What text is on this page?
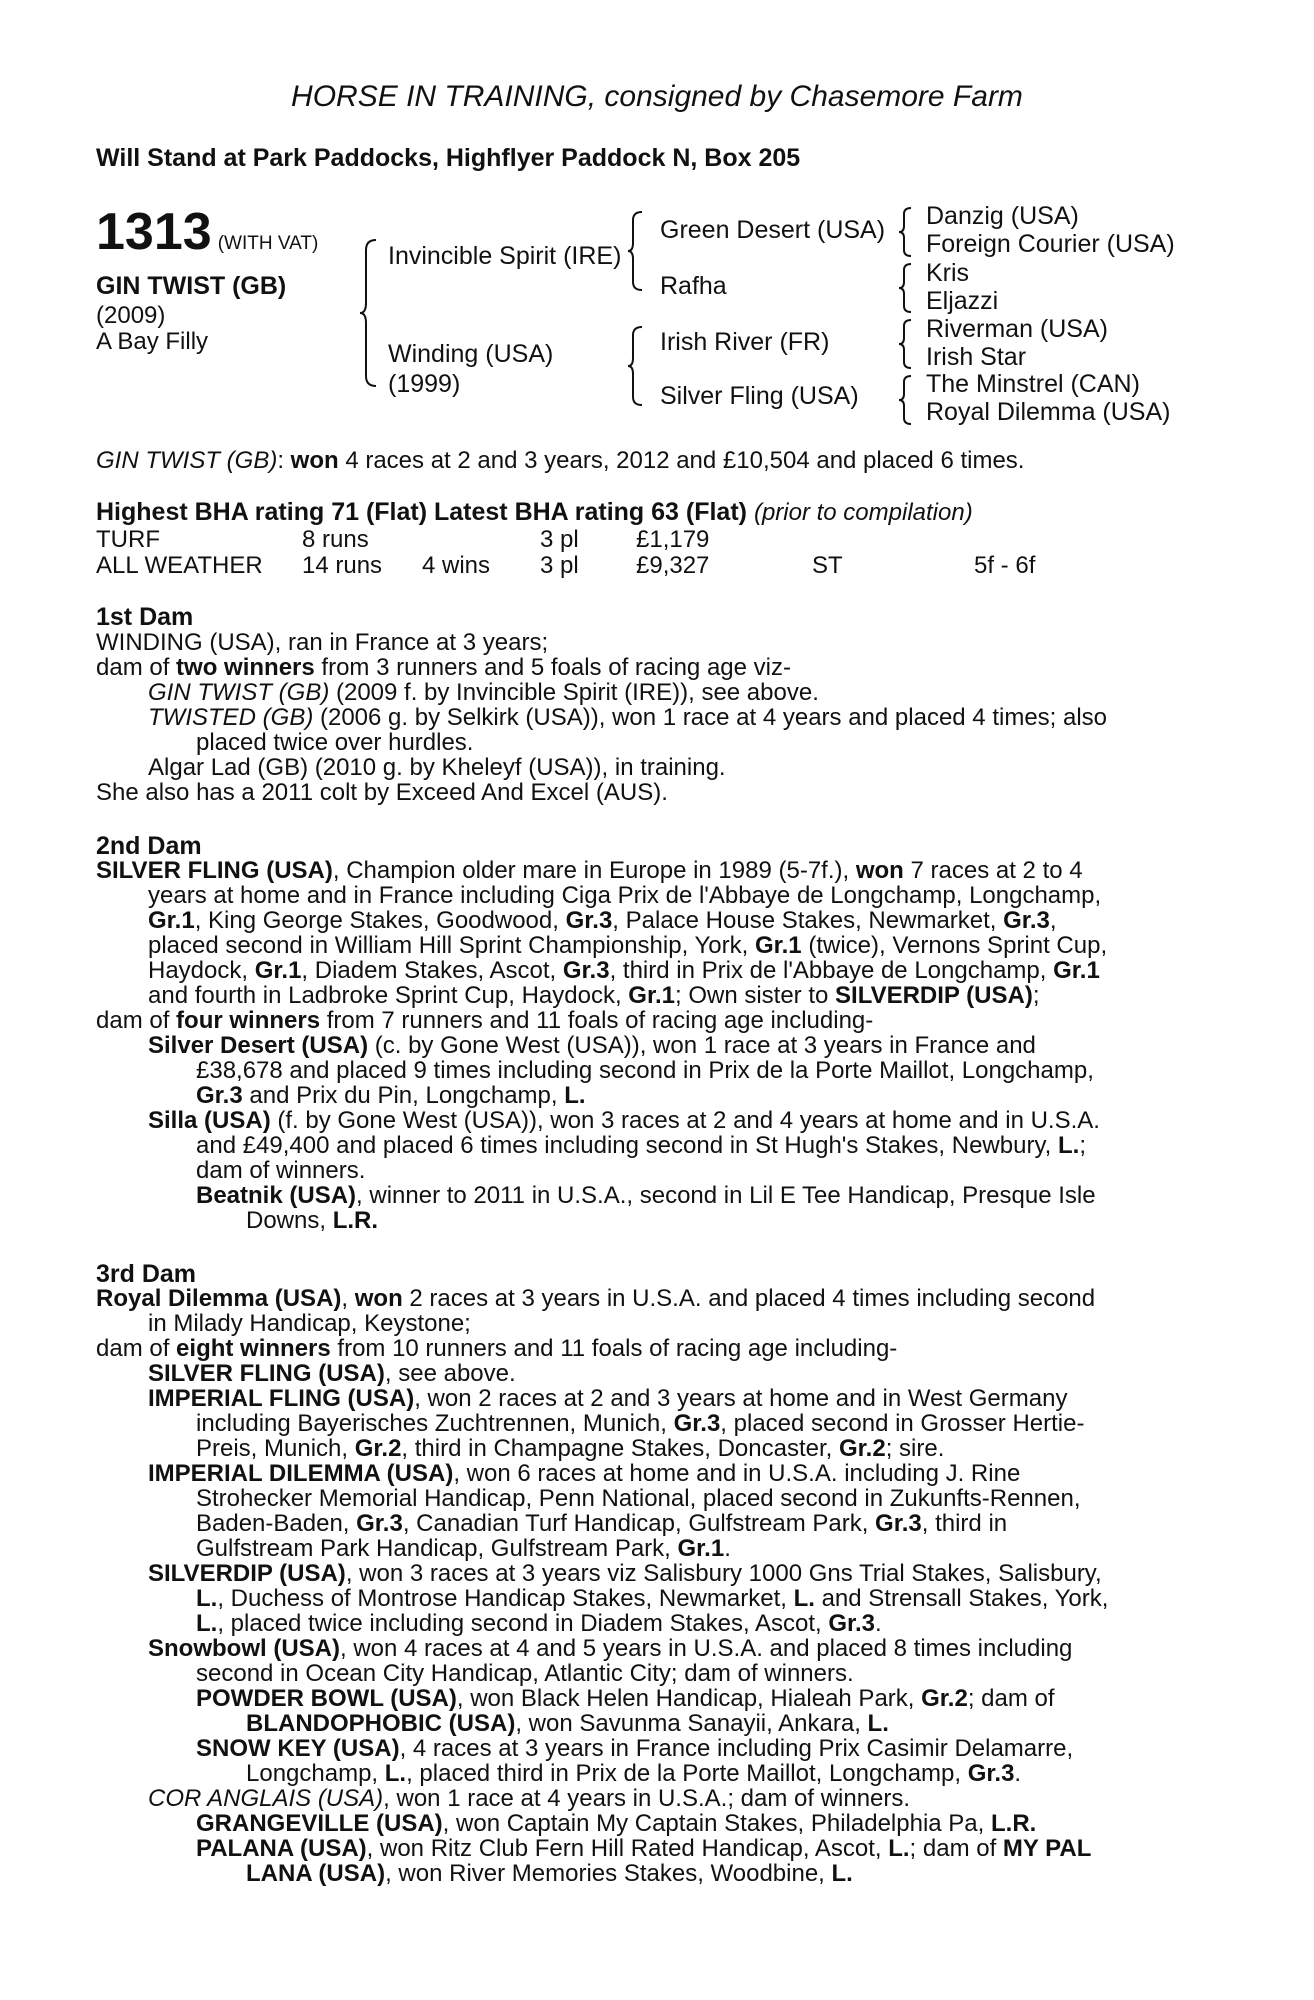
HORSE IN TRAINING, consigned by Chasemore Farm
Will Stand at Park Paddocks, Highflyer Paddock N, Box 205
1313 (WITH VAT)
GIN TWIST (GB)
(2009)
A Bay Filly
Invincible Spirit (IRE)
Winding (USA)
(1999)
Green Desert (USA)
Rafha
Irish River (FR)
Silver Fling (USA)
Danzig (USA)
Foreign Courier (USA)
Kris
Eljazzi
Riverman (USA)
Irish Star
The Minstrel (CAN)
Royal Dilemma (USA)
GIN TWIST (GB): won 4 races at 2 and 3 years, 2012 and £10,504 and placed 6 times.
Highest BHA rating 71 (Flat) Latest BHA rating 63 (Flat) (prior to compilation)
TURF	8 runs	3 pl £1,179
ALL WEATHER 14 runs 4 wins 3 pl £9,327	ST	5f - 6f
1st Dam
WINDING (USA), ran in France at 3 years;
dam of two winners from 3 runners and 5 foals of racing age viz-
GIN TWIST (GB) (2009 f. by Invincible Spirit (IRE)), see above.
TWISTED (GB) (2006 g. by Selkirk (USA)), won 1 race at 4 years and placed 4 times; also
placed twice over hurdles.
Algar Lad (GB) (2010 g. by Kheleyf (USA)), in training.
She also has a 2011 colt by Exceed And Excel (AUS).
2nd Dam
SILVER FLING (USA), Champion older mare in Europe in 1989 (5-7f.), won 7 races at 2 to 4
years at home and in France including Ciga Prix de l'Abbaye de Longchamp, Longchamp,
Gr.1, King George Stakes, Goodwood, Gr.3, Palace House Stakes, Newmarket, Gr.3,
placed second in William Hill Sprint Championship, York, Gr.1 (twice), Vernons Sprint Cup,
Haydock, Gr.1, Diadem Stakes, Ascot, Gr.3, third in Prix de l'Abbaye de Longchamp, Gr.1
and fourth in Ladbroke Sprint Cup, Haydock, Gr.1; Own sister to SILVERDIP (USA);
dam of four winners from 7 runners and 11 foals of racing age including-
Silver Desert (USA) (c. by Gone West (USA)), won 1 race at 3 years in France and
£38,678 and placed 9 times including second in Prix de la Porte Maillot, Longchamp,
Gr.3 and Prix du Pin, Longchamp, L.
Silla (USA) (f. by Gone West (USA)), won 3 races at 2 and 4 years at home and in U.S.A.
and £49,400 and placed 6 times including second in St Hugh's Stakes, Newbury, L.;
dam of winners.
Beatnik (USA), winner to 2011 in U.S.A., second in Lil E Tee Handicap, Presque Isle
Downs, L.R.
3rd Dam
Royal Dilemma (USA), won 2 races at 3 years in U.S.A. and placed 4 times including second
in Milady Handicap, Keystone;
dam of eight winners from 10 runners and 11 foals of racing age including-
SILVER FLING (USA), see above.
IMPERIAL FLING (USA), won 2 races at 2 and 3 years at home and in West Germany
including Bayerisches Zuchtrennen, Munich, Gr.3, placed second in Grosser Hertie-
Preis, Munich, Gr.2, third in Champagne Stakes, Doncaster, Gr.2; sire.
IMPERIAL DILEMMA (USA), won 6 races at home and in U.S.A. including J. Rine
Strohecker Memorial Handicap, Penn National, placed second in Zukunfts-Rennen,
Baden-Baden, Gr.3, Canadian Turf Handicap, Gulfstream Park, Gr.3, third in
Gulfstream Park Handicap, Gulfstream Park, Gr.1.
SILVERDIP (USA), won 3 races at 3 years viz Salisbury 1000 Gns Trial Stakes, Salisbury,
L., Duchess of Montrose Handicap Stakes, Newmarket, L. and Strensall Stakes, York,
L., placed twice including second in Diadem Stakes, Ascot, Gr.3.
Snowbowl (USA), won 4 races at 4 and 5 years in U.S.A. and placed 8 times including
second in Ocean City Handicap, Atlantic City; dam of winners.
POWDER BOWL (USA), won Black Helen Handicap, Hialeah Park, Gr.2; dam of
BLANDOPHOBIC (USA), won Savunma Sanayii, Ankara, L.
SNOW KEY (USA), 4 races at 3 years in France including Prix Casimir Delamarre,
Longchamp, L., placed third in Prix de la Porte Maillot, Longchamp, Gr.3.
COR ANGLAIS (USA), won 1 race at 4 years in U.S.A.; dam of winners.
GRANGEVILLE (USA), won Captain My Captain Stakes, Philadelphia Pa, L.R.
PALANA (USA), won Ritz Club Fern Hill Rated Handicap, Ascot, L.; dam of MY PAL
LANA (USA), won River Memories Stakes, Woodbine, L.
